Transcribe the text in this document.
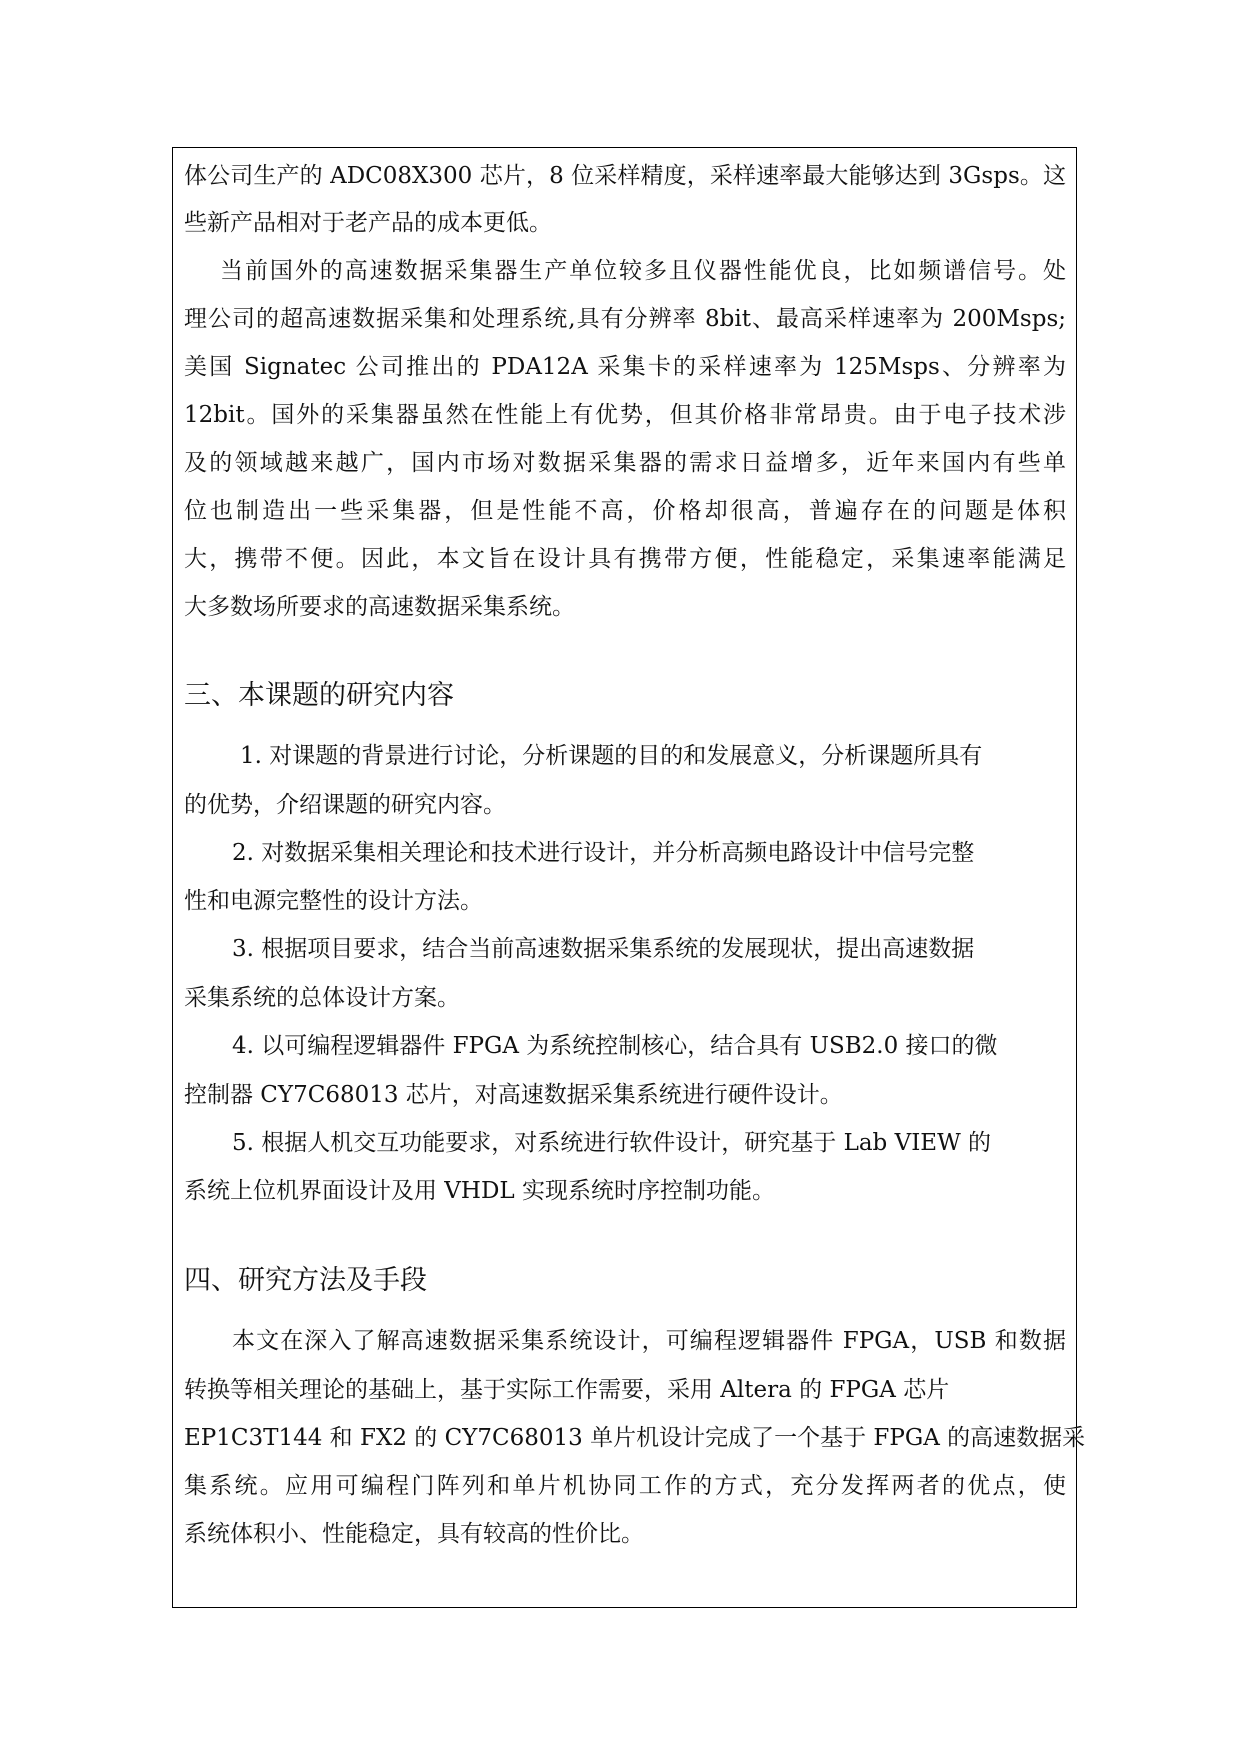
体公司生产的 ADC08X300 芯片，8 位采样精度，采样速率最大能够达到 3Gsps。这
些新产品相对于老产品的成本更低。
当前国外的高速数据采集器生产单位较多且仪器性能优良，比如频谱信号。处
理公司的超高速数据采集和处理系统,具有分辨率 8bit、最高采样速率为 200Msps;
美国 Signatec 公司推出的 PDA12A 采集卡的采样速率为 125Msps、分辨率为
12bit。国外的采集器虽然在性能上有优势，但其价格非常昂贵。由于电子技术涉
及的领域越来越广，国内市场对数据采集器的需求日益增多，近年来国内有些单
位也制造出一些采集器，但是性能不高，价格却很高，普遍存在的问题是体积
大，携带不便。因此，本文旨在设计具有携带方便，性能稳定，采集速率能满足
大多数场所要求的高速数据采集系统。
三、本课题的研究内容
1. 对课题的背景进行讨论，分析课题的目的和发展意义，分析课题所具有
的优势，介绍课题的研究内容。
2. 对数据采集相关理论和技术进行设计，并分析高频电路设计中信号完整
性和电源完整性的设计方法。
3. 根据项目要求，结合当前高速数据采集系统的发展现状，提出高速数据
采集系统的总体设计方案。
4. 以可编程逻辑器件 FPGA 为系统控制核心，结合具有 USB2.0 接口的微
控制器 CY7C68013 芯片，对高速数据采集系统进行硬件设计。
5. 根据人机交互功能要求，对系统进行软件设计，研究基于 Lab VIEW 的
系统上位机界面设计及用 VHDL 实现系统时序控制功能。
四、研究方法及手段
本文在深入了解高速数据采集系统设计，可编程逻辑器件 FPGA，USB 和数据
转换等相关理论的基础上，基于实际工作需要，采用 Altera 的 FPGA 芯片
EP1C3T144 和 FX2 的 CY7C68013 单片机设计完成了一个基于 FPGA 的高速数据采
集系统。应用可编程门阵列和单片机协同工作的方式，充分发挥两者的优点，使
系统体积小、性能稳定，具有较高的性价比。
